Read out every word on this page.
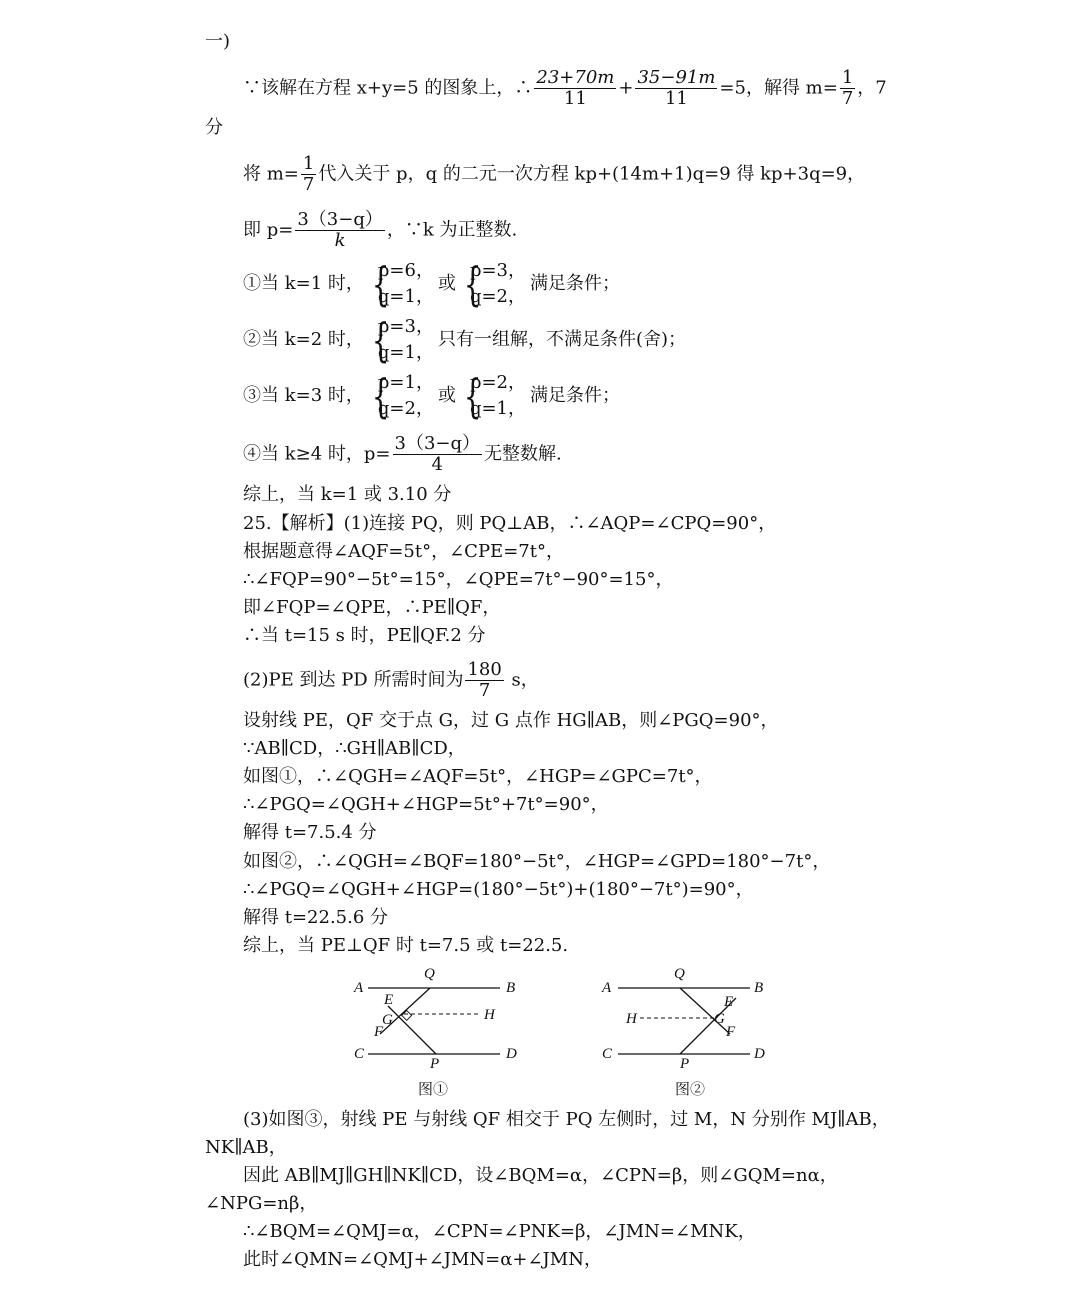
一)
∵该解在方程 x+y=5 的图象上，∴ $\frac{23+70m}{11} + \frac{35-91m}{11} =5$，解得 $m= \frac{1}{7}$ ，7
分
将 $m= \frac{1}{7}$ 代入关于 p，q 的二元一次方程 kp+(14m+1)q=9 得 kp+3q=9，
即 $p= \frac{3(3-q)}{k}$ ，∵k 为正整数.
①当 k=1 时， {
p=6，
q=1，
或 {
p=3，
q=2，
满足条件；
②当 k=2 时， {
p=3，
q=1，
只有一组解，不满足条件(舍)；
③当 k=3 时， {
p=1，
q=2，
或 {
p=2，
q=1，
满足条件；
④当 k≥4 时，$p= \frac{3(3-q)}{4}$ 无整数解.
综上，当 k=1 或 3.10 分
25.【解析】(1)连接 PQ，则 PQ⊥AB，∴∠AQP=∠CPQ=90°，
根据题意得∠AQF=5t°，∠CPE=7t°，
∴∠FQP=90°−5t°=15°，∠QPE=7t°−90°=15°，
即∠FQP=∠QPE，∴PE∥QF，
∴当 t=15 s 时，PE∥QF.2 分
(2)PE 到达 PD 所需时间为 $\frac{180}{7}$ s，
设射线 PE，QF 交于点 G，过 G 点作 HG∥AB，则∠PGQ=90°，
∵AB∥CD，∴GH∥AB∥CD，
如图①，∴∠QGH=∠AQF=5t°，∠HGP=∠GPC=7t°，
∴∠PGQ=∠QGH+∠HGP=5t°+7t°=90°，
解得 t=7.5.4 分
如图②，∴∠QGH=∠BQF=180°−5t°，∠HGP=∠GPD=180°−7t°，
∴∠PGQ=∠QGH+∠HGP=(180°−5t°)+(180°−7t°)=90°，
解得 t=22.5.6 分
综上，当 PE⊥QF 时 t=7.5 或 t=22.5.
A	B
C	D
Q
P
E
G
F
H
图①
A	B
C	D
Q
P
E
G
F
H
图②
(3)如图③，射线 PE 与射线 QF 相交于 PQ 左侧时，过 M，N 分别作 MJ∥AB，
NK∥AB，
因此 AB∥MJ∥GH∥NK∥CD，设∠BQM=α，∠CPN=β，则∠GQM=nα，
∠NPG=nβ，
∴∠BQM=∠QMJ=α，∠CPN=∠PNK=β，∠JMN=∠MNK，
此时∠QMN=∠QMJ+∠JMN=α+∠JMN，
